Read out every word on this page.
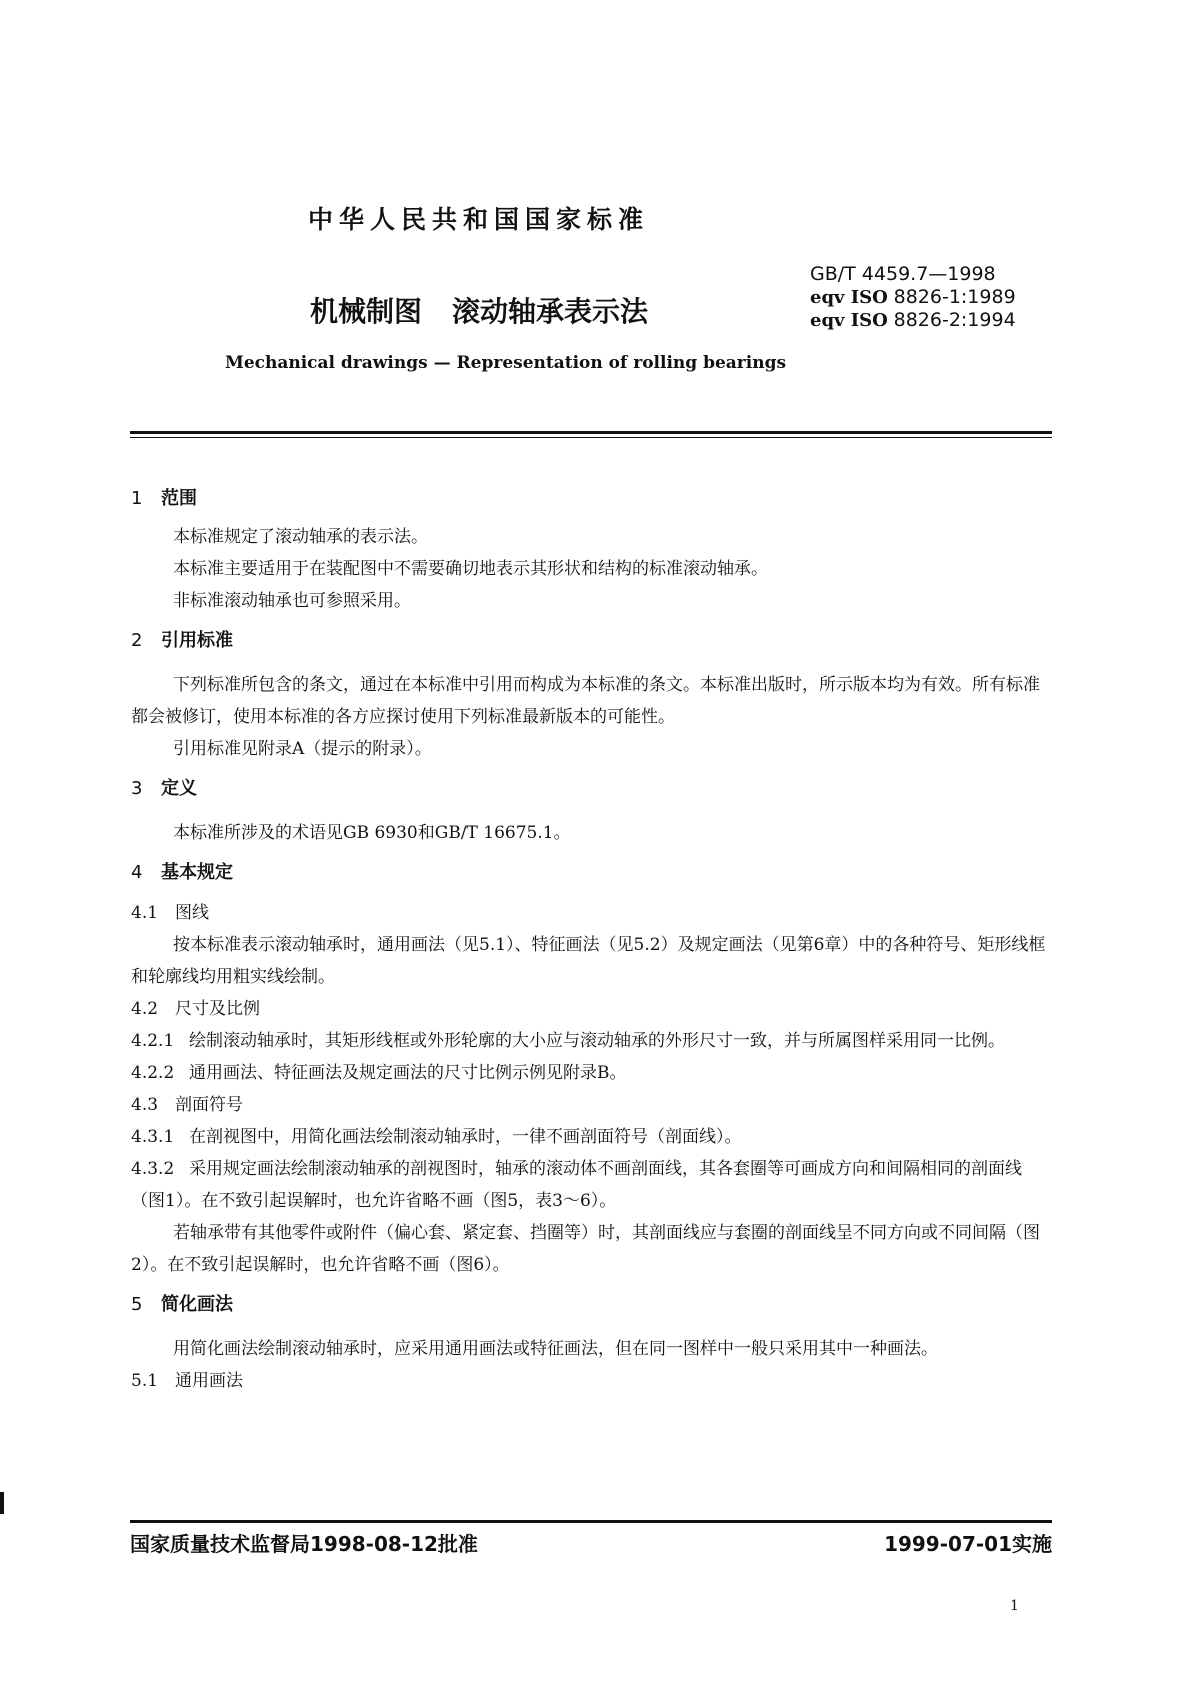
中华人民共和国国家标准
GB/T 4459.7—1998
eqv ISO 8826-1:1989
eqv ISO 8826-2:1994
机械制图 滚动轴承表示法
Mechanical drawings — Representation of rolling bearings
1 范围
本标准规定了滚动轴承的表示法。
本标准主要适用于在装配图中不需要确切地表示其形状和结构的标准滚动轴承。
非标准滚动轴承也可参照采用。
2 引用标准
下列标准所包含的条文，通过在本标准中引用而构成为本标准的条文。本标准出版时，所示版本均为有效。所有标准都会被修订，使用本标准的各方应探讨使用下列标准最新版本的可能性。
引用标准见附录A（提示的附录）。
3 定义
本标准所涉及的术语见GB 6930和GB/T 16675.1。
4 基本规定
4.1 图线
按本标准表示滚动轴承时，通用画法（见5.1）、特征画法（见5.2）及规定画法（见第6章）中的各种符号、矩形线框和轮廓线均用粗实线绘制。
4.2 尺寸及比例
4.2.1 绘制滚动轴承时，其矩形线框或外形轮廓的大小应与滚动轴承的外形尺寸一致，并与所属图样采用同一比例。
4.2.2 通用画法、特征画法及规定画法的尺寸比例示例见附录B。
4.3 剖面符号
4.3.1 在剖视图中，用简化画法绘制滚动轴承时，一律不画剖面符号（剖面线）。
4.3.2 采用规定画法绘制滚动轴承的剖视图时，轴承的滚动体不画剖面线，其各套圈等可画成方向和间隔相同的剖面线（图1）。在不致引起误解时，也允许省略不画（图5，表3～6）。
若轴承带有其他零件或附件（偏心套、紧定套、挡圈等）时，其剖面线应与套圈的剖面线呈不同方向或不同间隔（图2）。在不致引起误解时，也允许省略不画（图6）。
5 简化画法
用简化画法绘制滚动轴承时，应采用通用画法或特征画法，但在同一图样中一般只采用其中一种画法。
5.1 通用画法
国家质量技术监督局1998-08-12批准	1999-07-01实施
1
